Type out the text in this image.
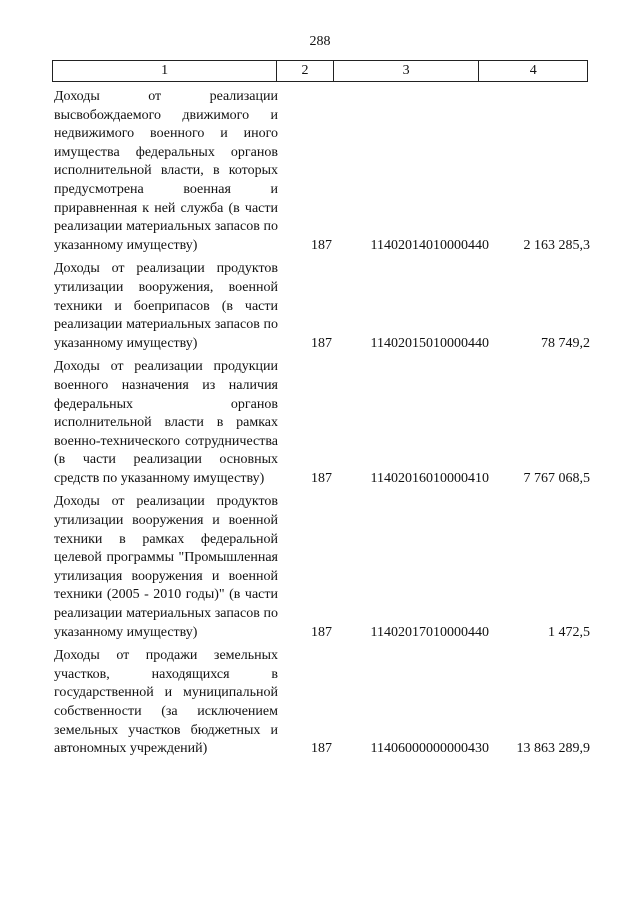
288
1	2	3	4
Доходы от реализации высвобождаемого движимого и недвижимого военного и иного имущества федеральных органов исполнительной власти, в которых предусмотрена военная и приравненная к ней служба (в части реализации материальных запасов по указанному имуществу)	187	11402014010000440	2 163 285,3
Доходы от реализации продуктов утилизации вооружения, военной техники и боеприпасов (в части реализации материальных запасов по указанному имуществу)	187	11402015010000440	78 749,2
Доходы от реализации продукции военного назначения из наличия федеральных органов исполнительной власти в рамках военно-технического сотрудничества (в части реализации основных средств по указанному имуществу)	187	11402016010000410	7 767 068,5
Доходы от реализации продуктов утилизации вооружения и военной техники в рамках федеральной целевой программы "Промышленная утилизация вооружения и военной техники (2005 - 2010 годы)" (в части реализации материальных запасов по указанному имуществу)	187	11402017010000440	1 472,5
Доходы от продажи земельных участков, находящихся в государственной и муниципальной собственности (за исключением земельных участков бюджетных и автономных учреждений)	187	11406000000000430	13 863 289,9
